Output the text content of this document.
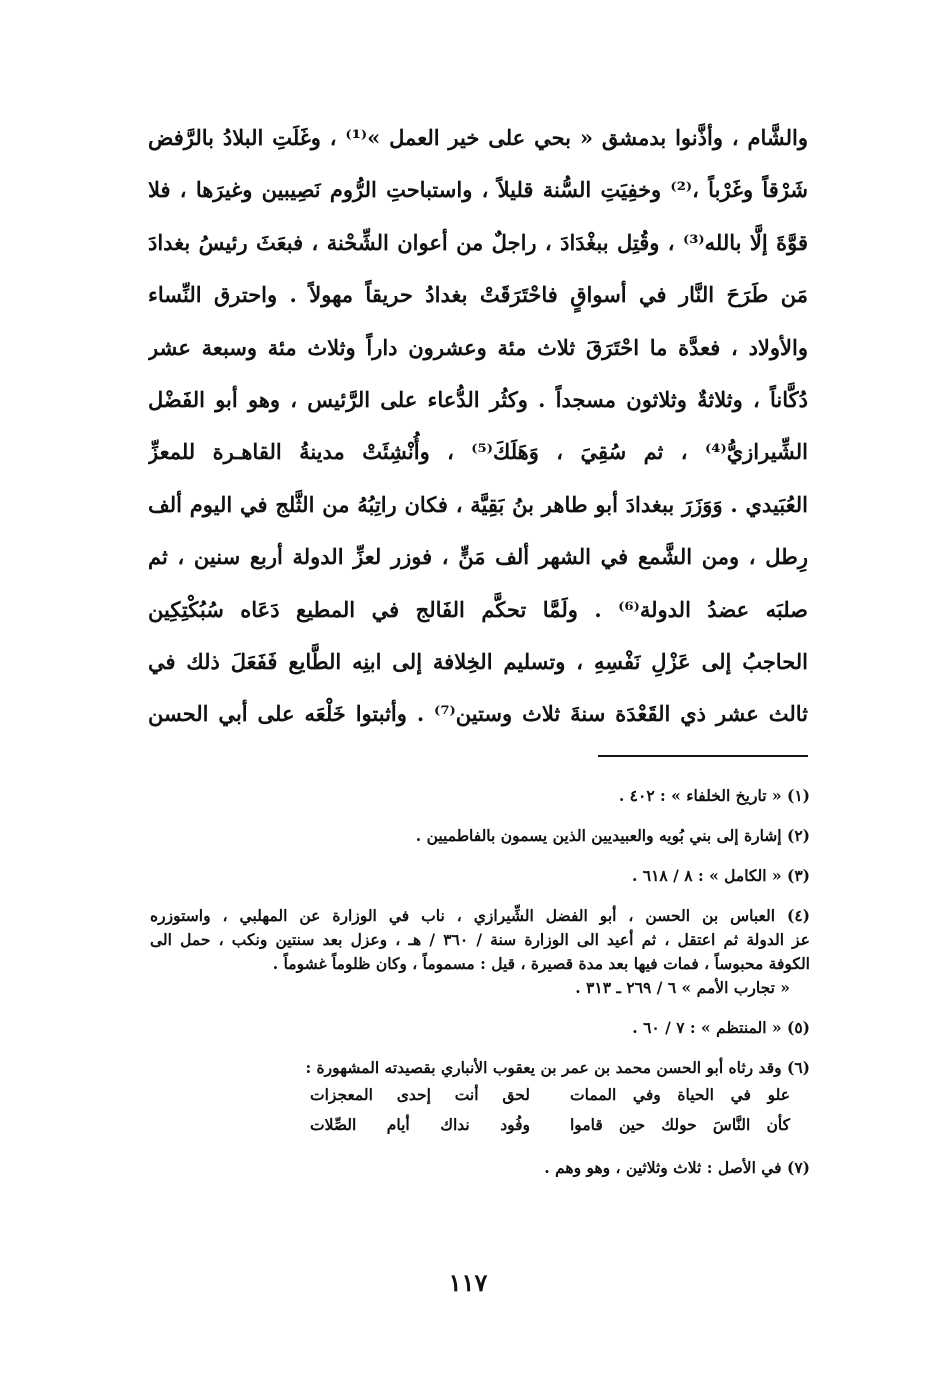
والشَّام ، وأذَّنوا بدمشق « بحي على خير العمل »⁽¹⁾ ، وغَلَتِ البلادُ بالرَّفض
شَرْقاً وغَرْباً ،⁽²⁾ وخفِيَتِ السُّنة قليلاً ، واستباحتِ الرُّوم نَصِيبين وغيرَها ، فلا
قوَّةَ إلَّا بالله⁽³⁾ ، وقُتِل ببغْدَادَ ، راجلٌ من أعوان الشِّحْنة ، فبعَثَ رئيسُ بغدادَ
مَن طَرَحَ النَّار في أسواقٍ فاحْتَرَقَتْ بغدادُ حريقاً مهولاً . واحترق النِّساء
والأولاد ، فعدَّة ما احْتَرَقَ ثلاث مئة وعشرون داراً وثلاث مئة وسبعة عشر
دُكَّاناً ، وثلاثةٌ وثلاثون مسجداً . وكثُر الدُّعاء على الرَّئيس ، وهو أبو الفَضْل
الشِّيرازيُّ⁽⁴⁾ ، ثم سُقِيَ ، وَهَلَكَ⁽⁵⁾ ، وأُنْشِئَتْ مدينةُ القاهـرة للمعزِّ
العُبَيدي . وَوَزَرَ ببغدادَ أبو طاهر بنُ بَقِيَّة ، فكان راتِبُهُ من الثَّلج في اليوم ألف
رِطل ، ومن الشَّمع في الشهر ألف مَنٍّ ، فوزر لعزِّ الدولة أربع سنين ، ثم
صلبَه عضدُ الدولة⁽⁶⁾ . ولَمَّا تحكَّم الفَالج في المطيع دَعَاه سُبُكْتِكِين
الحاجبُ إلى عَزْلِ نَفْسِهِ ، وتسليم الخِلافة إلى ابنِه الطَّايع فَفَعَلَ ذلك في
ثالث عشر ذي القَعْدَة سنةَ ثلاث وستين⁽⁷⁾ . وأثبتوا خَلْعَه على أبي الحسن
(١) « تاريخ الخلفاء » : ٤٠٢ .
(٢) إشارة إلى بني بُويه والعبيديين الذين يسمون بالفاطميين .
(٣) « الكامل » : ٨ / ٦١٨ .
(٤) العباس بن الحسن ، أبو الفضل الشِّيرازي ، ناب في الوزارة عن المهلبي ، واستوزره
عز الدولة ثم اعتقل ، ثم أعيد الى الوزارة سنة / ٣٦٠ / هـ ، وعزل بعد سنتين ونكب ، حمل الى
الكوفة محبوساً ، فمات فيها بعد مدة قصيرة ، قيل : مسموماً ، وكان ظلوماً غشوماً .
« تجارب الأمم » ٦ / ٢٦٩ ـ ٣١٣ .
(٥) « المنتظم » : ٧ / ٦٠ .
(٦) وقد رثاه أبو الحسن محمد بن عمر بن يعقوب الأنباري بقصيدته المشهورة :
علو في الحياة وفي الممات
لحق أنت إحدى المعجزات
كأن النَّاسَ حولك حين قاموا
وفُود نداك أيام الصِّلات
(٧) في الأصل : ثلاث وثلاثين ، وهو وهم .
١١٧
